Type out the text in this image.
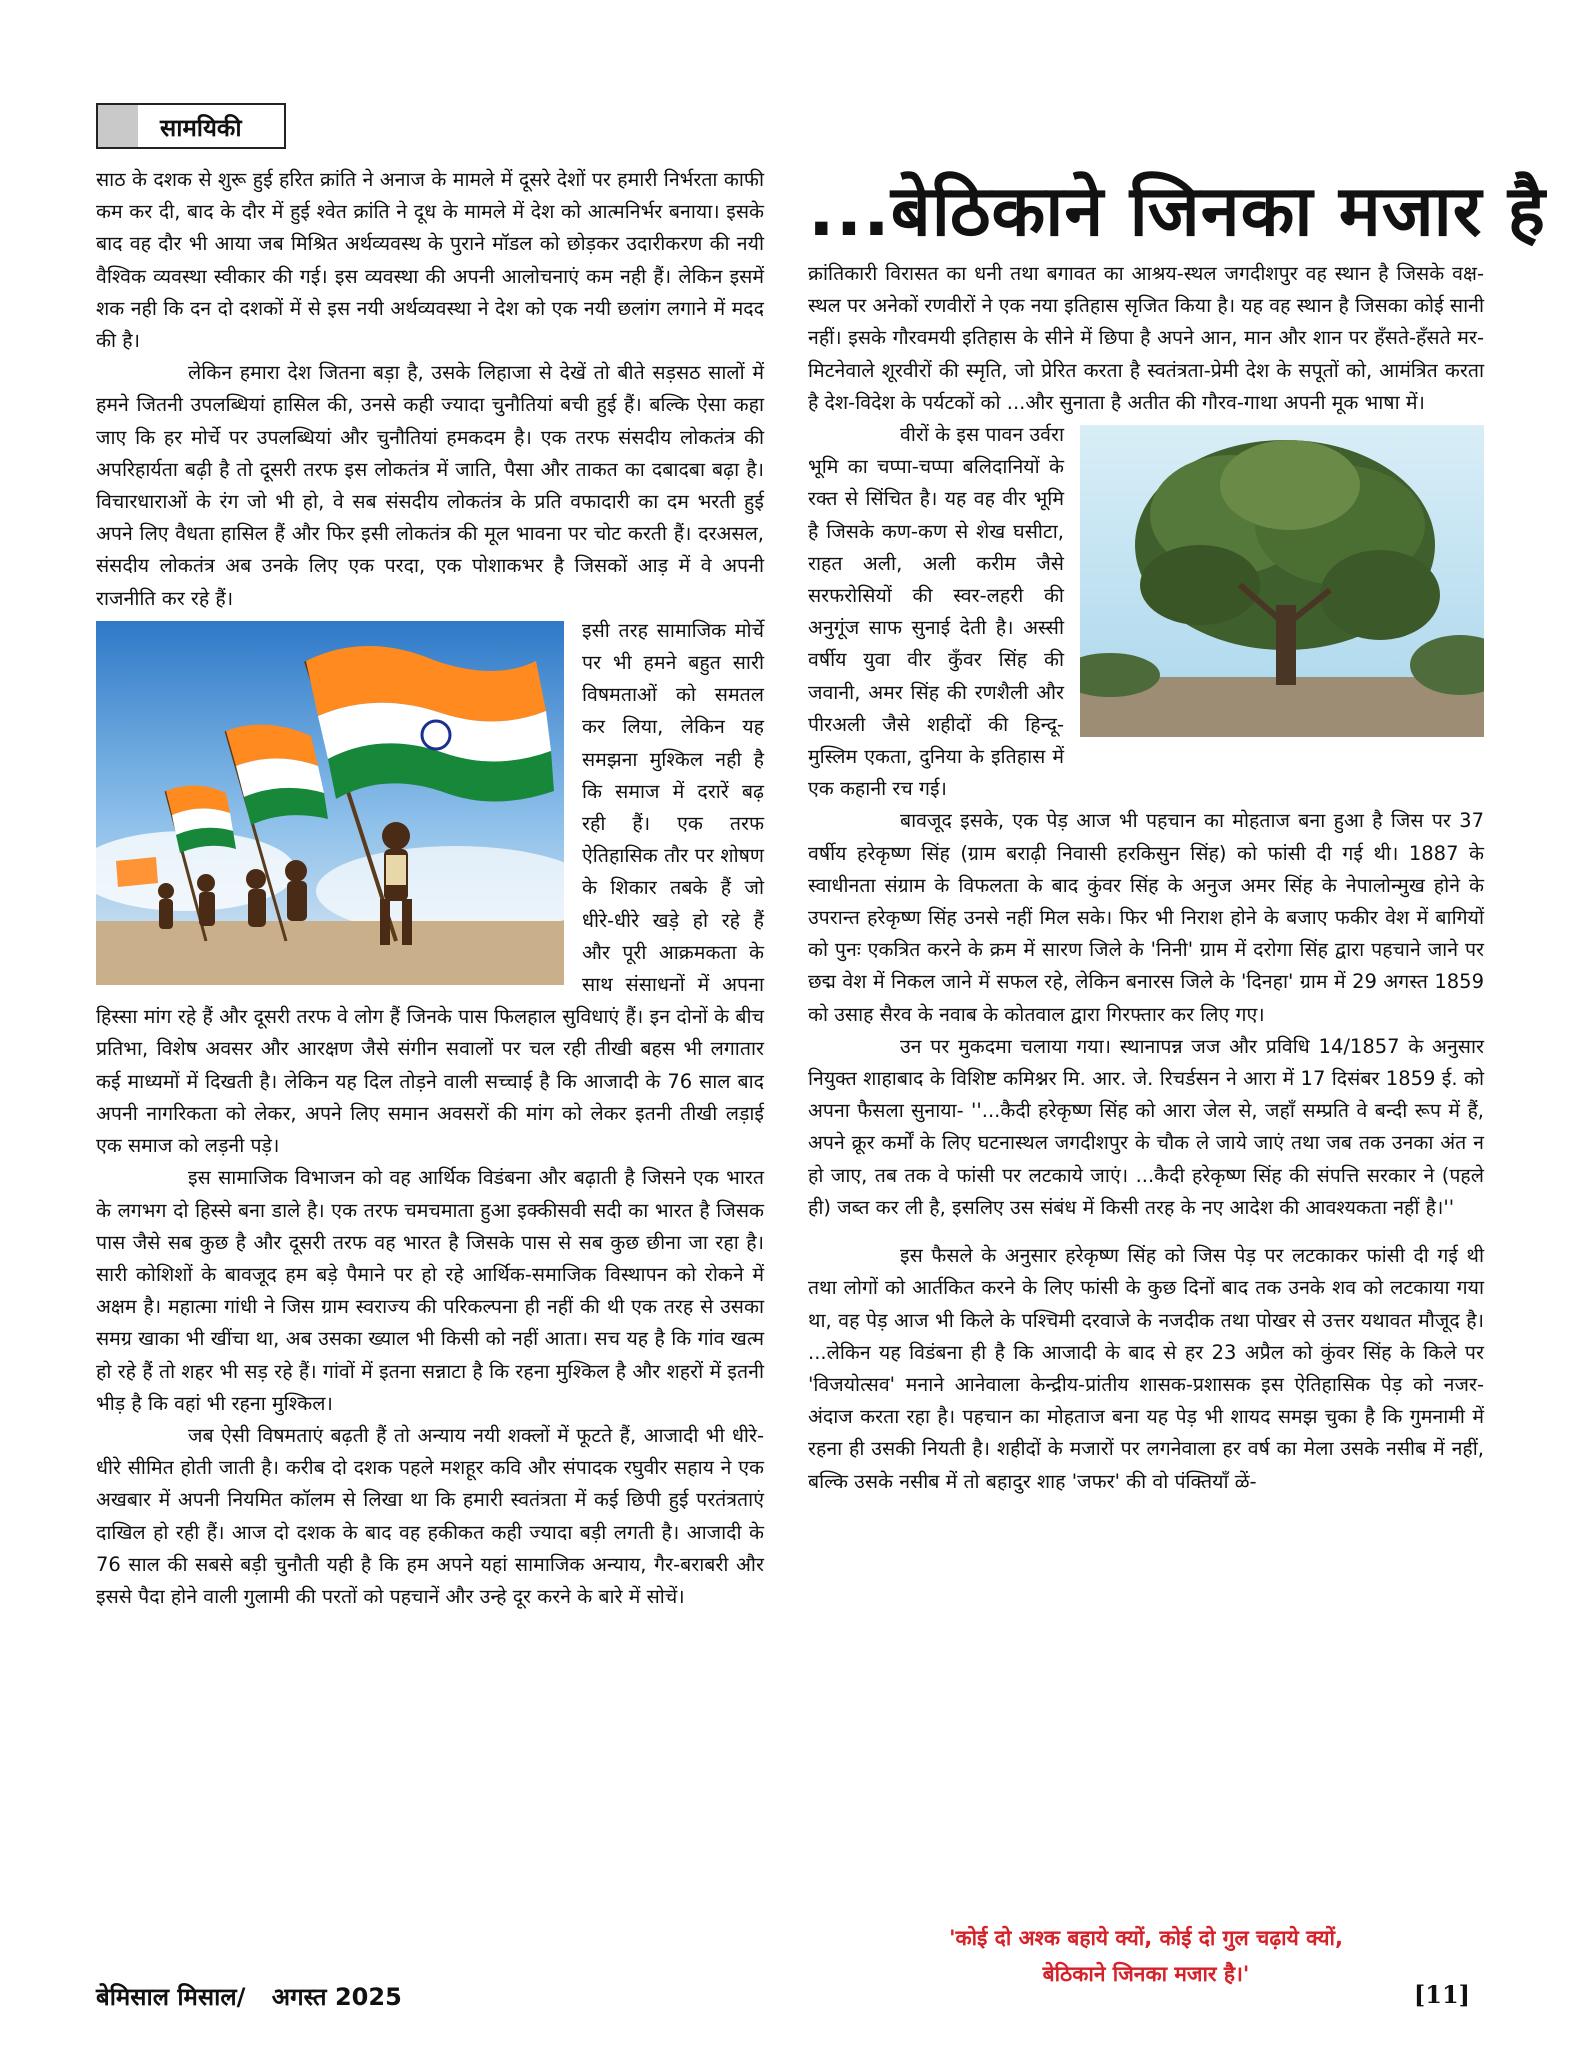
सामयिकी
...बेठिकाने जिनका मजार है

साठ के दशक से शुरू हुई हरित क्रांति ने अनाज के मामले में दूसरे देशों पर हमारी निर्भरता काफी कम कर दी, बाद के दौर में हुई श्वेत क्रांति ने दूध के मामले में देश को आत्मनिर्भर बनाया। इसके बाद वह दौर भी आया जब मिश्रित अर्थव्यवस्थ के पुराने मॉडल को छोड़कर उदारीकरण की नयी वैश्विक व्यवस्था स्वीकार की गई। इस व्यवस्था की अपनी आलोचनाएं कम नही हैं। लेकिन इसमें शक नही कि दन दो दशकों में से इस नयी अर्थव्यवस्था ने देश को एक नयी छलांग लगाने में मदद की है।

लेकिन हमारा देश जितना बड़ा है, उसके लिहाजा से देखें तो बीते सड़सठ सालों में हमने जितनी उपलब्धियां हासिल की, उनसे कही ज्यादा चुनौतियां बची हुई हैं। बल्कि ऐसा कहा जाए कि हर मोर्चे पर उपलब्धियां और चुनौतियां हमकदम है। एक तरफ संसदीय लोकतंत्र की अपरिहार्यता बढ़ी है तो दूसरी तरफ इस लोकतंत्र में जाति, पैसा और ताकत का दबादबा बढ़ा है। विचारधाराओं के रंग जो भी हो, वे सब संसदीय लोकतंत्र के प्रति वफादारी का दम भरती हुई अपने लिए वैधता हासिल हैं और फिर इसी लोकतंत्र की मूल भावना पर चोट करती हैं। दरअसल, संसदीय लोकतंत्र अब उनके लिए एक परदा, एक पोशाकभर है जिसकों आड़ में वे अपनी राजनीति कर रहे हैं।

इसी तरह सामाजिक मोर्चे पर भी हमने बहुत सारी विषमताओं को समतल कर लिया, लेकिन यह समझना मुश्किल नही है कि समाज में दरारें बढ़ रही हैं। एक तरफ ऐतिहासिक तौर पर शोषण के शिकार तबके हैं जो धीरे-धीरे खड़े हो रहे हैं और पूरी आक्रमकता के साथ संसाधनों में अपना हिस्सा मांग रहे हैं और दूसरी तरफ वे लोग हैं जिनके पास फिलहाल सुविधाएं हैं। इन दोनों के बीच प्रतिभा, विशेष अवसर और आरक्षण जैसे संगीन सवालों पर चल रही तीखी बहस भी लगातार कई माध्यमों में दिखती है। लेकिन यह दिल तोड़ने वाली सच्चाई है कि आजादी के 76 साल बाद अपनी नागरिकता को लेकर, अपने लिए समान अवसरों की मांग को लेकर इतनी तीखी लड़ाई एक समाज को लड़नी पड़े।

इस सामाजिक विभाजन को वह आर्थिक विडंबना और बढ़ाती है जिसने एक भारत के लगभग दो हिस्से बना डाले है। एक तरफ चमचमाता हुआ इक्कीसवी सदी का भारत है जिसक पास जैसे सब कुछ है और दूसरी तरफ वह भारत है जिसके पास से सब कुछ छीना जा रहा है। सारी कोशिशों के बावजूद हम बड़े पैमाने पर हो रहे आर्थिक-समाजिक विस्थापन को रोकने में अक्षम है। महात्मा गांधी ने जिस ग्राम स्वराज्य की परिकल्पना ही नहीं की थी एक तरह से उसका समग्र खाका भी खींचा था, अब उसका ख्याल भी किसी को नहीं आता। सच यह है कि गांव खत्म हो रहे हैं तो शहर भी सड़ रहे हैं। गांवों में इतना सन्नाटा है कि रहना मुश्किल है और शहरों में इतनी भीड़ है कि वहां भी रहना मुश्किल।

जब ऐसी विषमताएं बढ़ती हैं तो अन्याय नयी शक्लों में फूटते हैं, आजादी भी धीरे-धीरे सीमित होती जाती है। करीब दो दशक पहले मशहूर कवि और संपादक रघुवीर सहाय ने एक अखबार में अपनी नियमित कॉलम से लिखा था कि हमारी स्वतंत्रता में कई छिपी हुई परतंत्रताएं दाखिल हो रही हैं। आज दो दशक के बाद वह हकीकत कही ज्यादा बड़ी लगती है। आजादी के 76 साल की सबसे बड़ी चुनौती यही है कि हम अपने यहां सामाजिक अन्याय, गैर-बराबरी और इससे पैदा होने वाली गुलामी की परतों को पहचानें और उन्हे दूर करने के बारे में सोचें।

क्रांतिकारी विरासत का धनी तथा बगावत का आश्रय-स्थल जगदीशपुर वह स्थान है जिसके वक्ष-स्थल पर अनेकों रणवीरों ने एक नया इतिहास सृजित किया है। यह वह स्थान है जिसका कोई सानी नहीं। इसके गौरवमयी इतिहास के सीने में छिपा है अपने आन, मान और शान पर हँसते-हँसते मर-मिटनेवाले शूरवीरों की स्मृति, जो प्रेरित करता है स्वतंत्रता-प्रेमी देश के सपूतों को, आमंत्रित करता है देश-विदेश के पर्यटकों को ...और सुनाता है अतीत की गौरव-गाथा अपनी मूक भाषा में।

वीरों के इस पावन उर्वरा भूमि का चप्पा-चप्पा बलिदानियों के रक्त से सिंचित है। यह वह वीर भूमि है जिसके कण-कण से शेख घसीटा, राहत अली, अली करीम जैसे सरफरोसियों की स्वर-लहरी की अनुगूंज साफ सुनाई देती है। अस्सी वर्षीय युवा वीर कुँवर सिंह की जवानी, अमर सिंह की रणशैली और पीरअली जैसे शहीदों की हिन्दू-मुस्लिम एकता, दुनिया के इतिहास में एक कहानी रच गई।

बावजूद इसके, एक पेड़ आज भी पहचान का मोहताज बना हुआ है जिस पर 37 वर्षीय हरेकृष्ण सिंह (ग्राम बराढ़ी निवासी हरकिसुन सिंह) को फांसी दी गई थी। 1887 के स्वाधीनता संग्राम के विफलता के बाद कुंवर सिंह के अनुज अमर सिंह के नेपालोन्मुख होने के उपरान्त हरेकृष्ण सिंह उनसे नहीं मिल सके। फिर भी निराश होने के बजाए फकीर वेश में बागियों को पुनः एकत्रित करने के क्रम में सारण जिले के 'निनी' ग्राम में दरोगा सिंह द्वारा पहचाने जाने पर छद्म वेश में निकल जाने में सफल रहे, लेकिन बनारस जिले के 'दिनहा' ग्राम में 29 अगस्त 1859 को उसाह सैरव के नवाब के कोतवाल द्वारा गिरफ्तार कर लिए गए।

उन पर मुकदमा चलाया गया। स्थानापन्न जज और प्रविधि 14/1857 के अनुसार नियुक्त शाहाबाद के विशिष्ट कमिश्नर मि. आर. जे. रिचर्डसन ने आरा में 17 दिसंबर 1859 ई. को अपना फैसला सुनाया- ''...कैदी हरेकृष्ण सिंह को आरा जेल से, जहाँ सम्प्रति वे बन्दी रूप में हैं, अपने क्रूर कर्मों के लिए घटनास्थल जगदीशपुर के चौक ले जाये जाएं तथा जब तक उनका अंत न हो जाए, तब तक वे फांसी पर लटकाये जाएं। ...कैदी हरेकृष्ण सिंह की संपत्ति सरकार ने (पहले ही) जब्त कर ली है, इसलिए उस संबंध में किसी तरह के नए आदेश की आवश्यकता नहीं है।''

इस फैसले के अनुसार हरेकृष्ण सिंह को जिस पेड़ पर लटकाकर फांसी दी गई थी तथा लोगों को आर्तकित करने के लिए फांसी के कुछ दिनों बाद तक उनके शव को लटकाया गया था, वह पेड़ आज भी किले के पश्चिमी दरवाजे के नजदीक तथा पोखर से उत्तर यथावत मौजूद है। ...लेकिन यह विडंबना ही है कि आजादी के बाद से हर 23 अप्रैल को कुंवर सिंह के किले पर 'विजयोत्सव' मनाने आनेवाला केन्द्रीय-प्रांतीय शासक-प्रशासक इस ऐतिहासिक पेड़ को नजर-अंदाज करता रहा है। पहचान का मोहताज बना यह पेड़ भी शायद समझ चुका है कि गुमनामी में रहना ही उसकी नियती है। शहीदों के मजारों पर लगनेवाला हर वर्ष का मेला उसके नसीब में नहीं, बल्कि उसके नसीब में तो बहादुर शाह 'जफर' की वो पंक्तियाँ ळें-

'कोई दो अश्क बहाये क्यों, कोई दो गुल चढ़ाये क्यों,
बेठिकाने जिनका मजार है।'
बेमिसाल मिसाल/ अगस्त 2025	[11]
